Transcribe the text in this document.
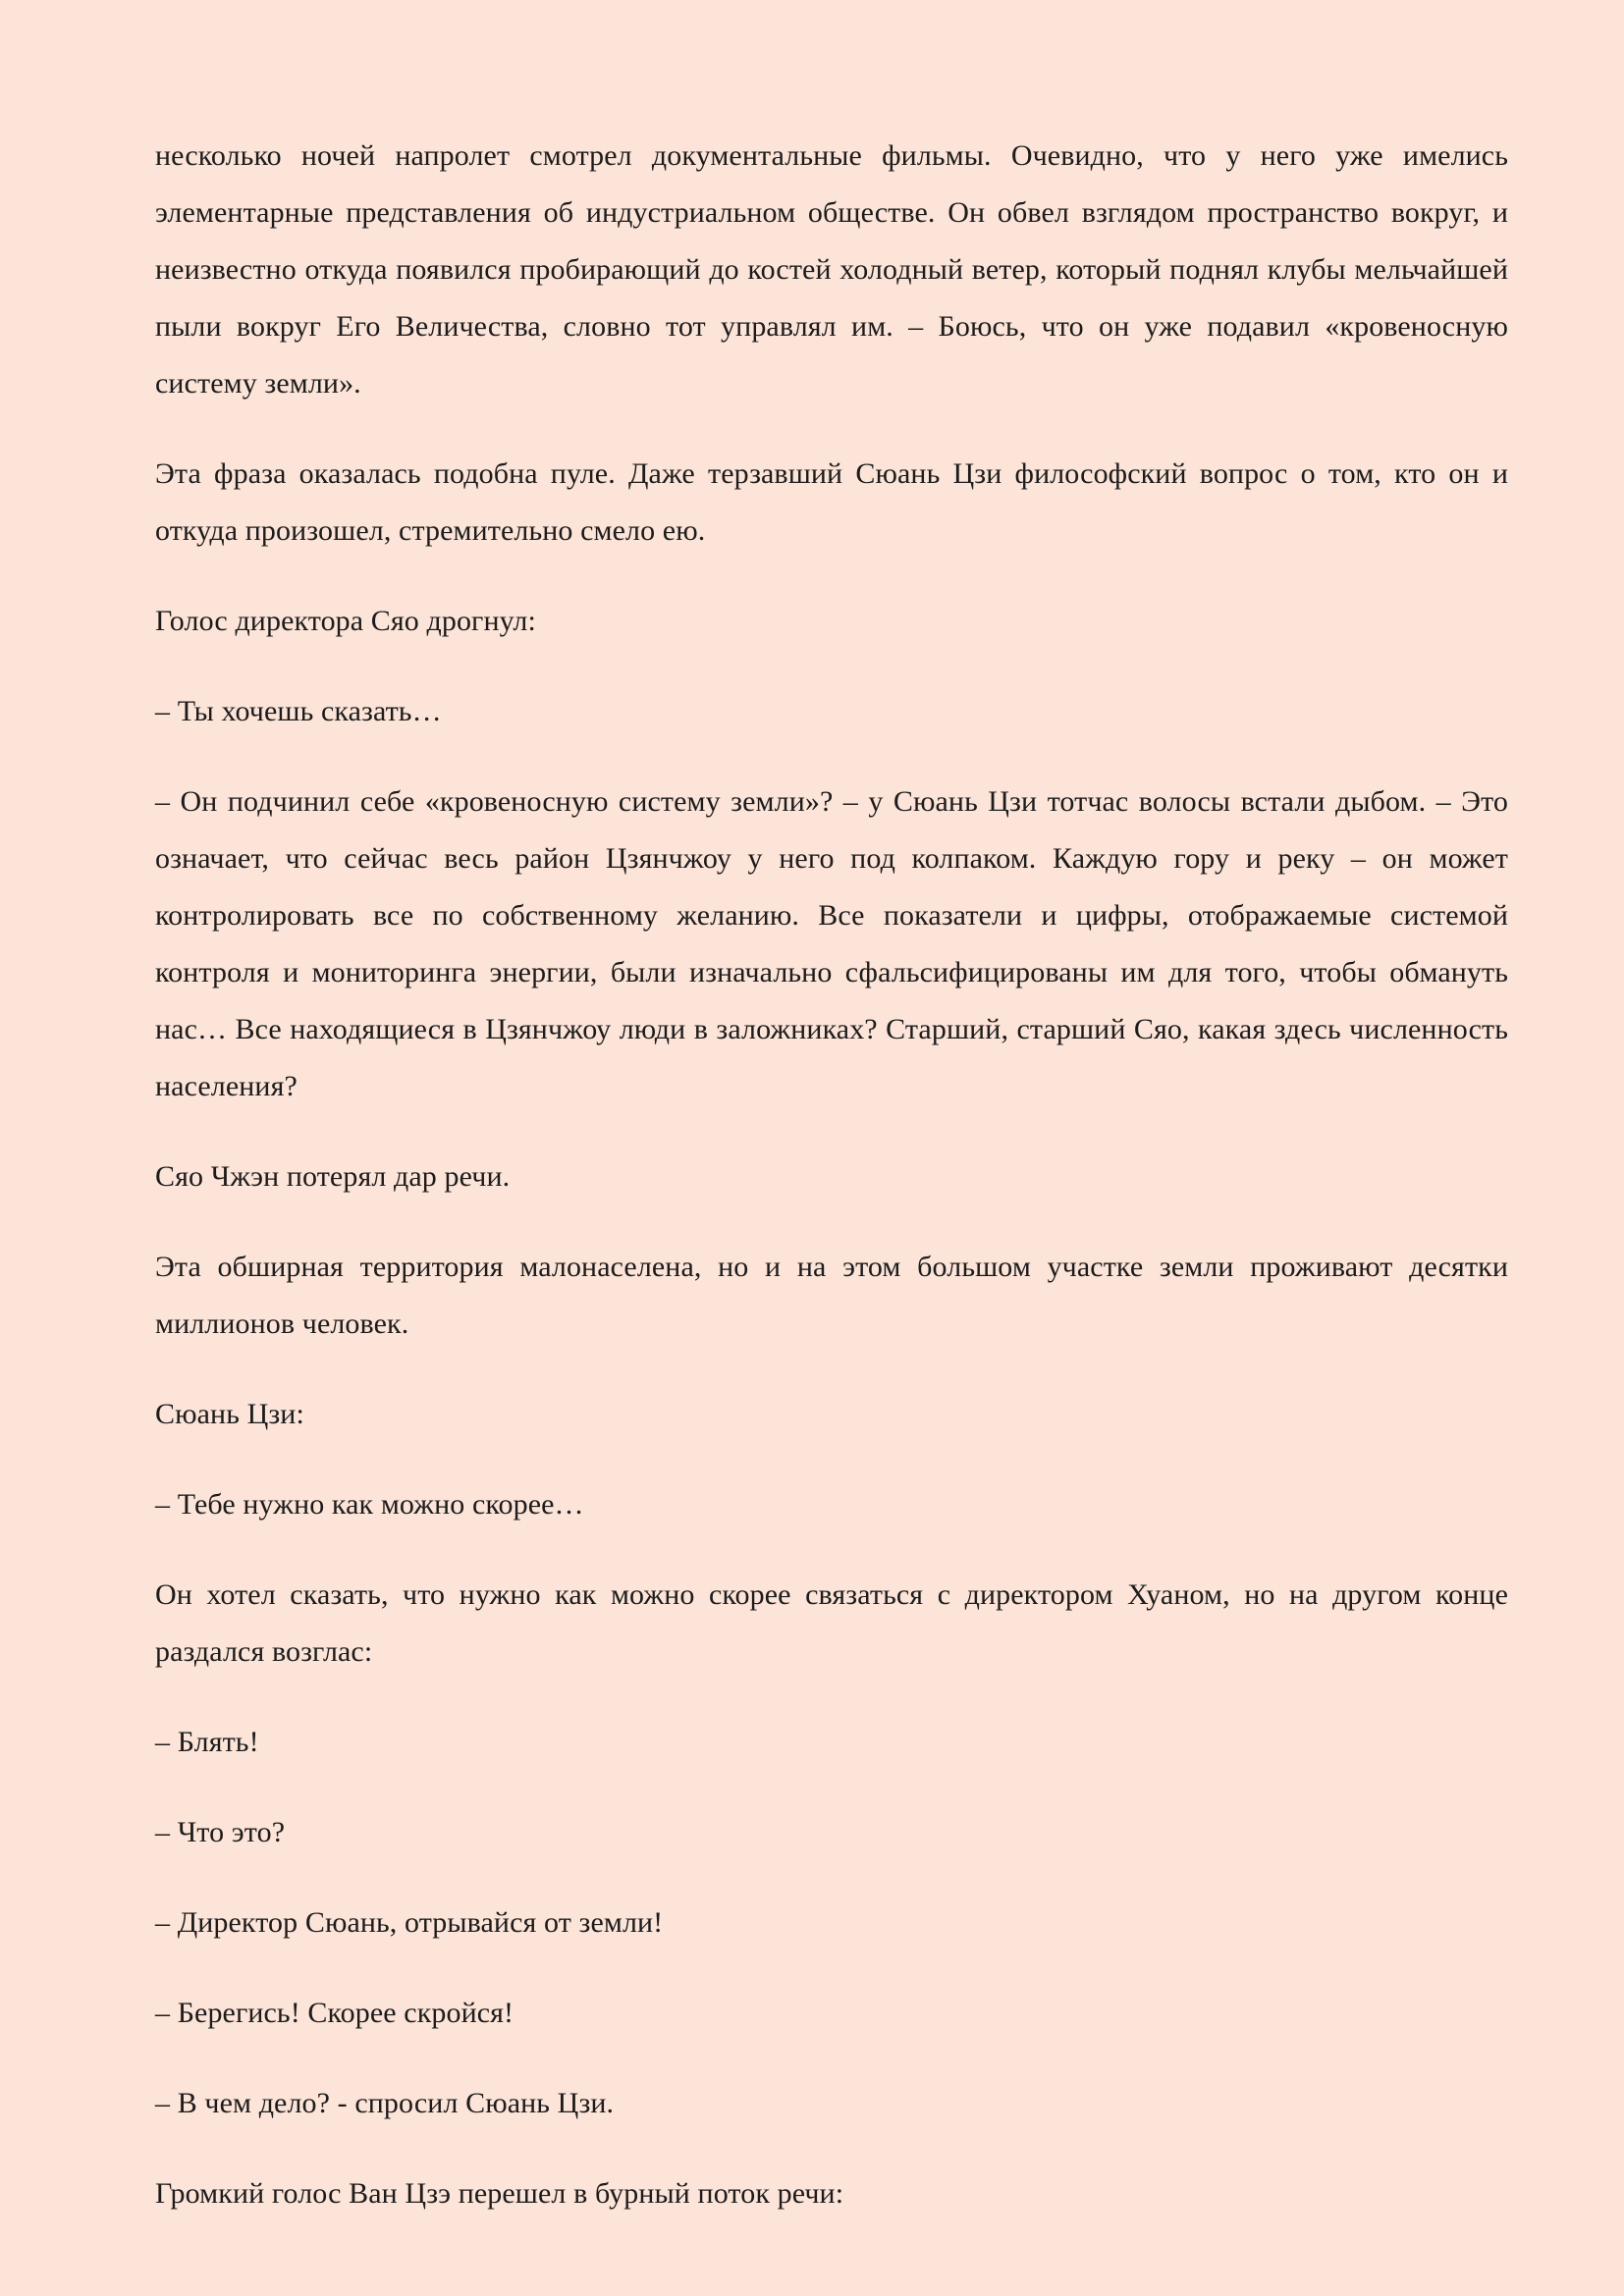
несколько ночей напролет смотрел документальные фильмы. Очевидно, что у него уже имелись элементарные представления об индустриальном обществе. Он обвел взглядом пространство вокруг, и неизвестно откуда появился пробирающий до костей холодный ветер, который поднял клубы мельчайшей пыли вокруг Его Величества, словно тот управлял им. – Боюсь, что он уже подавил «кровеносную систему земли».

Эта фраза оказалась подобна пуле. Даже терзавший Сюань Цзи философский вопрос о том, кто он и откуда произошел, стремительно смело ею.

Голос директора Сяо дрогнул:

– Ты хочешь сказать…

– Он подчинил себе «кровеносную систему земли»? – у Сюань Цзи тотчас волосы встали дыбом. – Это означает, что сейчас весь район Цзянчжоу у него под колпаком. Каждую гору и реку – он может контролировать все по собственному желанию. Все показатели и цифры, отображаемые системой контроля и мониторинга энергии, были изначально сфальсифицированы им для того, чтобы обмануть нас… Все находящиеся в Цзянчжоу люди в заложниках? Старший, старший Сяо, какая здесь численность населения?

Сяо Чжэн потерял дар речи.

Эта обширная территория малонаселена, но и на этом большом участке земли проживают десятки миллионов человек.

Сюань Цзи:

– Тебе нужно как можно скорее…

Он хотел сказать, что нужно как можно скорее связаться с директором Хуаном, но на другом конце раздался возглас:

– Блять!

– Что это?

– Директор Сюань, отрывайся от земли!

– Берегись! Скорее скройся!

– В чем дело? - спросил Сюань Цзи.

Громкий голос Ван Цзэ перешел в бурный поток речи:
